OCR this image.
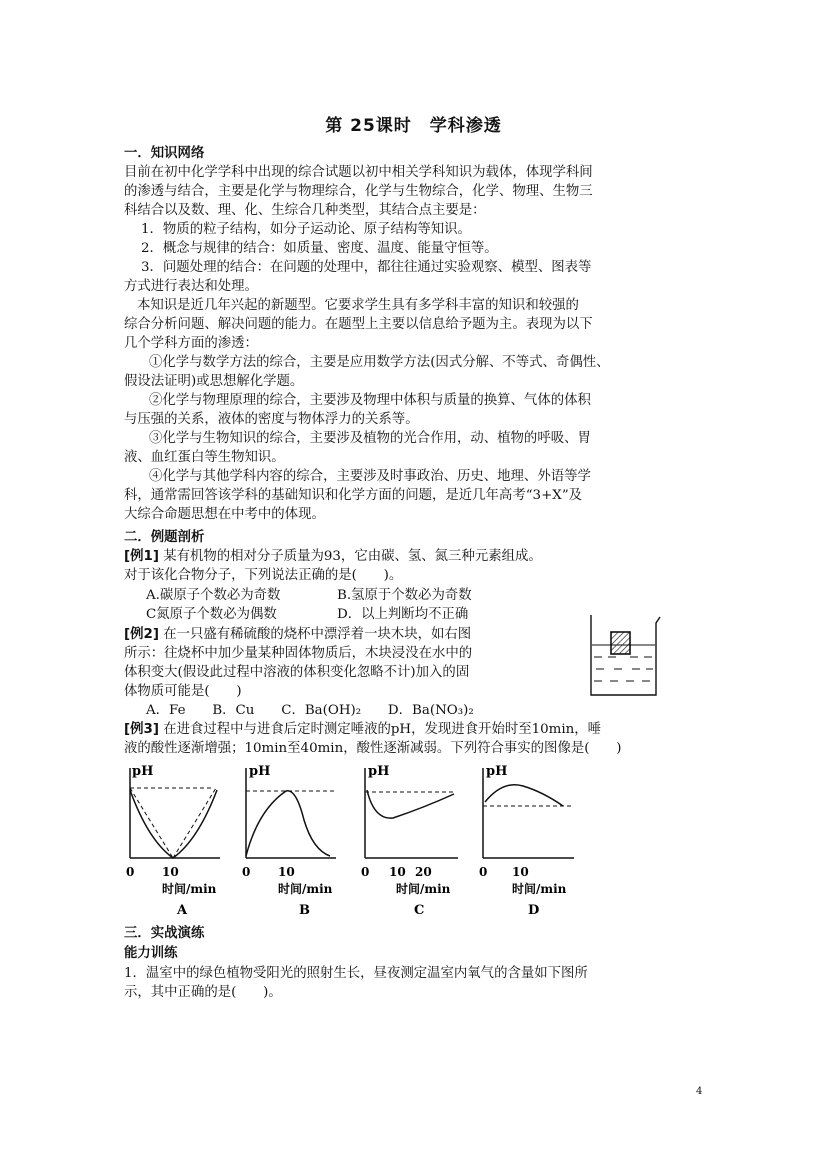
第 25课时　学科渗透
一．知识网络
目前在初中化学学科中出现的综合试题以初中相关学科知识为载体，体现学科间
的渗透与结合，主要是化学与物理综合，化学与生物综合，化学、物理、生物三
科结合以及数、理、化、生综合几种类型，其结合点主要是：
1．物质的粒子结构，如分子运动论、原子结构等知识。
2．概念与规律的结合：如质量、密度、温度、能量守恒等。
3．问题处理的结合：在问题的处理中，都往往通过实验观察、模型、图表等
方式进行表达和处理。
本知识是近几年兴起的新题型。它要求学生具有多学科丰富的知识和较强的
综合分析问题、解决问题的能力。在题型上主要以信息给予题为主。表现为以下
几个学科方面的渗透：
①化学与数学方法的综合，主要是应用数学方法(因式分解、不等式、奇偶性、
假设法证明)或思想解化学题。
②化学与物理原理的综合，主要涉及物理中体积与质量的换算、气体的体积
与压强的关系，液体的密度与物体浮力的关系等。
③化学与生物知识的综合，主要涉及植物的光合作用，动、植物的呼吸、胃
液、血红蛋白等生物知识。
④化学与其他学科内容的综合，主要涉及时事政治、历史、地理、外语等学
科，通常需回答该学科的基础知识和化学方面的问题，是近几年高考“3+X”及
大综合命题思想在中考中的体现。
二．例题剖析
[例1] 某有机物的相对分子质量为93，它由碳、氢、氮三种元素组成。
对于该化合物分子，下列说法正确的是(　　)。
A.碳原子个数必为奇数	B.氢原于个数必为奇数
C氮原子个数必为偶数	D．以上判断均不正确
[例2] 在一只盛有稀硫酸的烧杯中漂浮着一块木块，如右图
所示：往烧杯中加少量某种固体物质后，木块浸没在水中的
体积变大(假设此过程中溶液的体积变化忽略不计)加入的固
体物质可能是(　　)
A．Fe　　B．Cu　　C．Ba(OH)₂　　D．Ba(NO₃)₂
[例3] 在进食过程中与进食后定时测定唾液的pH，发现进食开始时至10min，唾
液的酸性逐渐增强；10min至40min，酸性逐渐减弱。下列符合事实的图像是(　　)
pH
0 10
时间/min
A
pH
0 10
时间/min
B
pH
0 10 20
时间/min
C
pH
0 10
时间/min
D
三．实战演练
能力训练
1．温室中的绿色植物受阳光的照射生长，昼夜测定温室内氧气的含量如下图所
示，其中正确的是(　　)。
4
